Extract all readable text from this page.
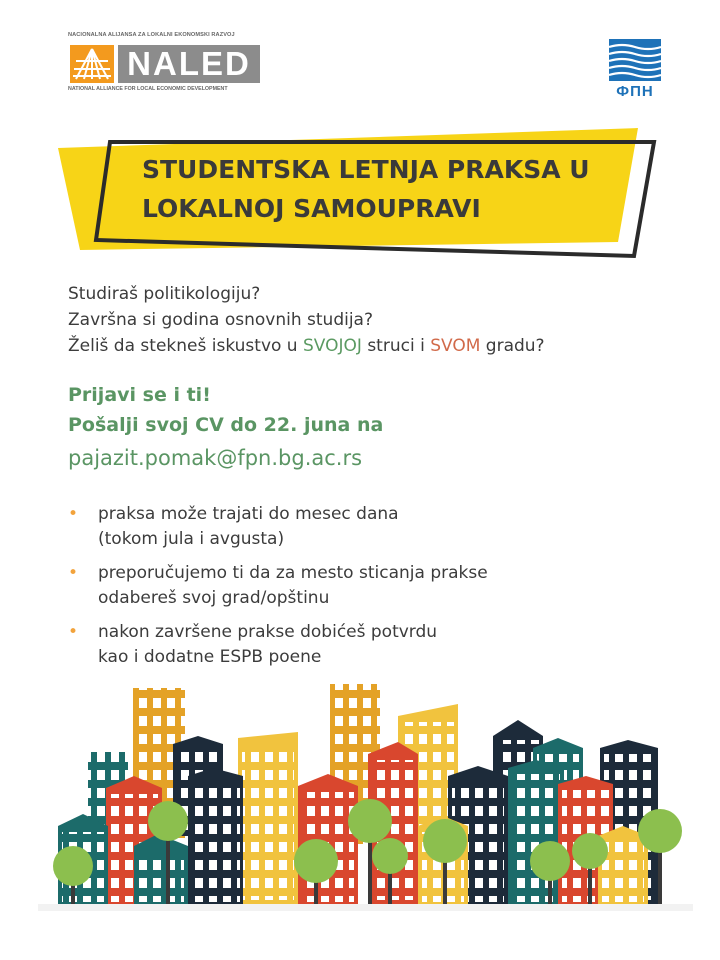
NACIONALNA ALIJANSA ZA LOKALNI EKONOMSKI RAZVOJ
NALED
NATIONAL ALLIANCE FOR LOCAL ECONOMIC DEVELOPMENT	ФПН
STUDENTSKA LETNJA PRAKSA U
LOKALNOJ SAMOUPRAVI
Studiraš politikologiju?
Završna si godina osnovnih studija?
Želiš da stekneš iskustvo u SVOJOJ struci i SVOM gradu?
Prijavi se i ti!
Pošalji svoj CV do 22. juna na
pajazit.pomak@fpn.bg.ac.rs
• praksa može trajati do mesec dana
(tokom jula i avgusta)
• preporučujemo ti da za mesto sticanja prakse
odabereš svoj grad/opštinu
• nakon završene prakse dobićeš potvrdu
kao i dodatne ESPB poene
